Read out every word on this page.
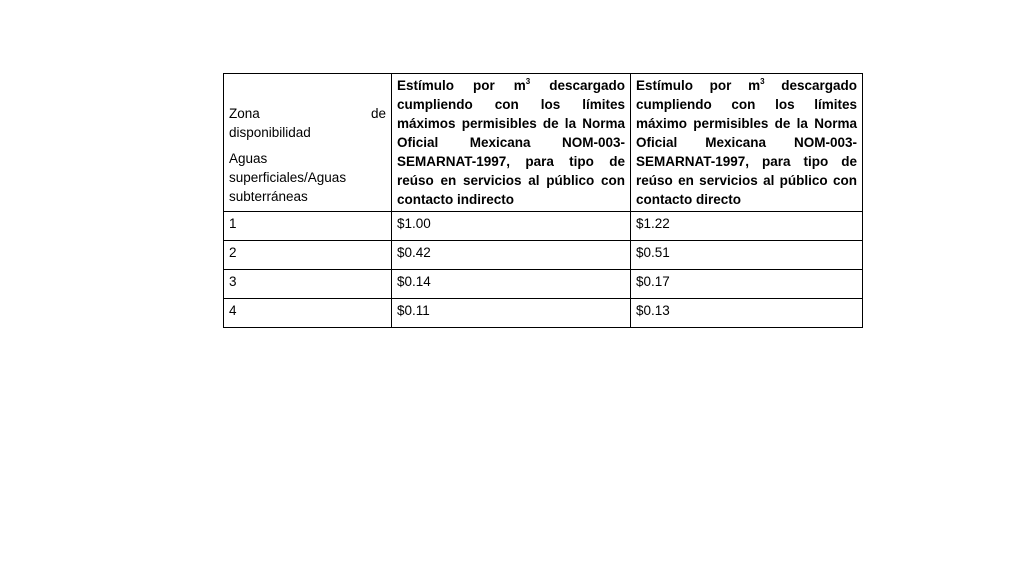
Zona de

disponibilidad

Aguas superficiales/Aguas subterráneas	Estímulo por $m^3$ descargado cumpliendo con los límites máximos permisibles de la Norma Oficial Mexicana NOM-003-SEMARNAT-1997, para tipo de reúso en servicios al público con contacto indirecto	Estímulo por $m^3$ descargado cumpliendo con los límites máximo permisibles de la Norma Oficial Mexicana NOM-003-SEMARNAT-1997, para tipo de reúso en servicios al público con contacto directo
1	$1.00	$1.22
2	$0.42	$0.51
3	$0.14	$0.17
4	$0.11	$0.13
